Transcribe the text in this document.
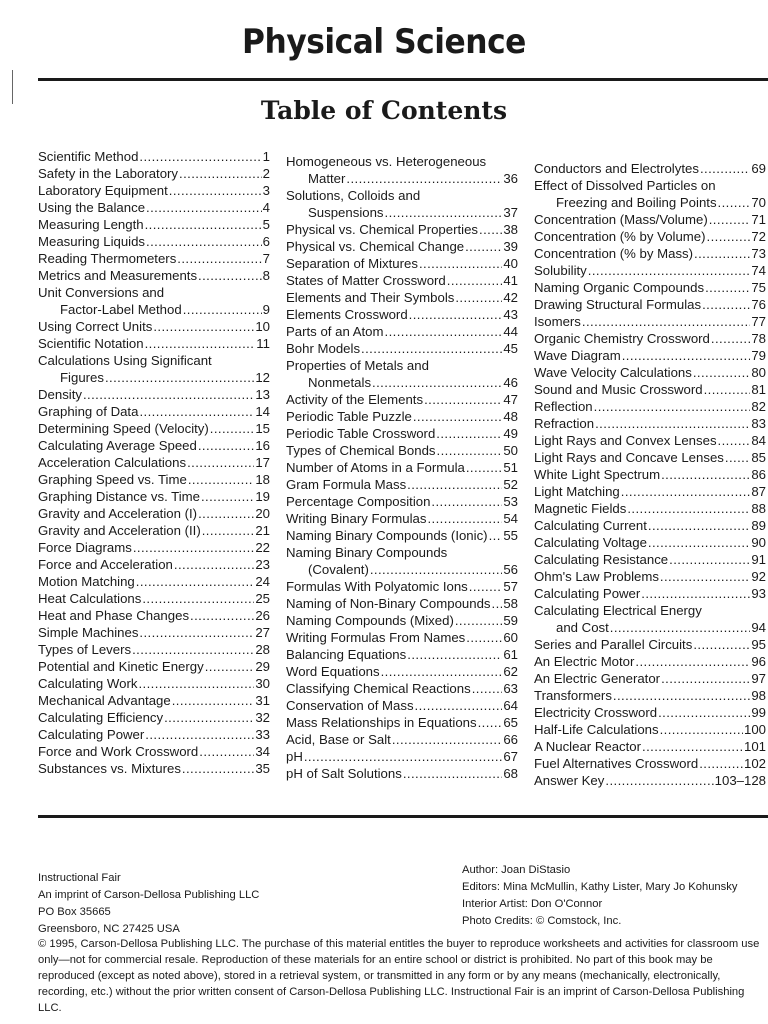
Physical Science
Table of Contents
Scientific Method .....	1
Safety in the Laboratory .....	2
Laboratory Equipment .....	3
Using the Balance .....	4
Measuring Length .....	5
Measuring Liquids .....	6
Reading Thermometers .....	7
Metrics and Measurements .....	8
Unit Conversions and
Factor-Label Method .....	9
Using Correct Units .....	10
Scientific Notation .....	11
Calculations Using Significant
Figures .....	12
Density .....	13
Graphing of Data .....	14
Determining Speed (Velocity) .....	15
Calculating Average Speed .....	16
Acceleration Calculations .....	17
Graphing Speed vs. Time .....	18
Graphing Distance vs. Time .....	19
Gravity and Acceleration (I) .....	20
Gravity and Acceleration (II) .....	21
Force Diagrams .....	22
Force and Acceleration .....	23
Motion Matching .....	24
Heat Calculations .....	25
Heat and Phase Changes .....	26
Simple Machines .....	27
Types of Levers .....	28
Potential and Kinetic Energy .....	29
Calculating Work .....	30
Mechanical Advantage .....	31
Calculating Efficiency .....	32
Calculating Power .....	33
Force and Work Crossword .....	34
Substances vs. Mixtures .....	35
Homogeneous vs. Heterogeneous
Matter .....	36
Solutions, Colloids and
Suspensions .....	37
Physical vs. Chemical Properties ..... 38
Physical vs. Chemical Change .....	39
Separation of Mixtures .....	40
States of Matter Crossword .....	41
Elements and Their Symbols .....	42
Elements Crossword .....	43
Parts of an Atom .....	44
Bohr Models .....	45
Properties of Metals and
Nonmetals .....	46
Activity of the Elements .....	47
Periodic Table Puzzle .....	48
Periodic Table Crossword .....	49
Types of Chemical Bonds .....	50
Number of Atoms in a Formula .....	51
Gram Formula Mass .....	52
Percentage Composition .....	53
Writing Binary Formulas .....	54
Naming Binary Compounds (Ionic) ..... 55
Naming Binary Compounds
(Covalent) .....	56
Formulas With Polyatomic Ions .....	57
Naming of Non-Binary Compounds ..... 58
Naming Compounds (Mixed) .....	59
Writing Formulas From Names .....	60
Balancing Equations .....	61
Word Equations .....	62
Classifying Chemical Reactions ..... 63
Conservation of Mass .....	64
Mass Relationships in Equations ..... 65
Acid, Base or Salt .....	66
pH .....	67
pH of Salt Solutions .....	68
Conductors and Electrolytes .....	69
Effect of Dissolved Particles on
Freezing and Boiling Points .....	70
Concentration (Mass/Volume) .....	71
Concentration (% by Volume) .....	72
Concentration (% by Mass) .....	73
Solubility .....	74
Naming Organic Compounds .....	75
Drawing Structural Formulas .....	76
Isomers .....	77
Organic Chemistry Crossword .....	78
Wave Diagram .....	79
Wave Velocity Calculations .....	80
Sound and Music Crossword .....	81
Reflection .....	82
Refraction .....	83
Light Rays and Convex Lenses .....	84
Light Rays and Concave Lenses ..... 85
White Light Spectrum .....	86
Light Matching .....	87
Magnetic Fields .....	88
Calculating Current .....	89
Calculating Voltage .....	90
Calculating Resistance .....	91
Ohm's Law Problems .....	92
Calculating Power .....	93
Calculating Electrical Energy
and Cost .....	94
Series and Parallel Circuits .....	95
An Electric Motor .....	96
An Electric Generator .....	97
Transformers .....	98
Electricity Crossword .....	99
Half-Life Calculations .....	100
A Nuclear Reactor .....	101
Fuel Alternatives Crossword .....	102
Answer Key .....	103–128
Instructional Fair
An imprint of Carson-Dellosa Publishing LLC
PO Box 35665
Greensboro, NC 27425 USA
Author: Joan DiStasio
Editors: Mina McMullin, Kathy Lister, Mary Jo Kohunsky
Interior Artist: Don O'Connor
Photo Credits: © Comstock, Inc.

© 1995, Carson-Dellosa Publishing LLC. The purchase of this material entitles the buyer to reproduce worksheets and activities for classroom use only—not for commercial resale. Reproduction of these materials for an entire school or district is prohibited. No part of this book may be reproduced (except as noted above), stored in a retrieval system, or transmitted in any form or by any means (mechanically, electronically, recording, etc.) without the prior written consent of Carson-Dellosa Publishing LLC. Instructional Fair is an imprint of Carson-Dellosa Publishing LLC.
